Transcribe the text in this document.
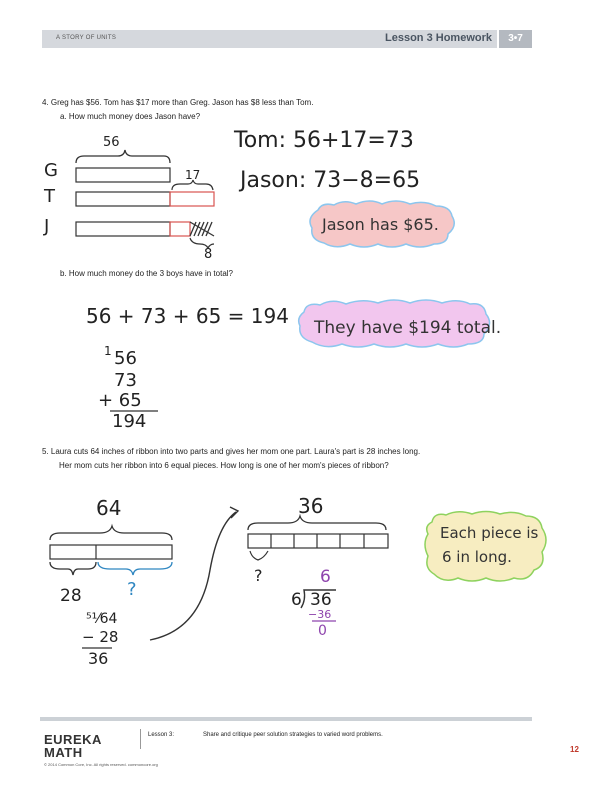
A STORY OF UNITS	Lesson 3 Homework	3•7
4. Greg has $56. Tom has $17 more than Greg. Jason has $8 less than Tom.
a. How much money does Jason have?
b. How much money do the 3 boys have in total?
5. Laura cuts 64 inches of ribbon into two parts and gives her mom one part. Laura's part is 28 inches long.
Her mom cuts her ribbon into 6 equal pieces. How long is one of her mom's pieces of ribbon?
56
G
T
J
17
8
Tom: 56+17=73
Jason: 73−8=65
Jason has $65.
56 + 73 + 65 = 194 They have $194 total.
1 56
73
+ 65
194
64
28	?
36
?
⁵¹⁄64
− 28
36
6
6 36
−36
0
Each piece is
6 in long.
EUREKA
MATH
Lesson 3:	Share and critique peer solution strategies to varied word problems.
© 2014 Common Core, Inc. All rights reserved. commoncore.org
12
